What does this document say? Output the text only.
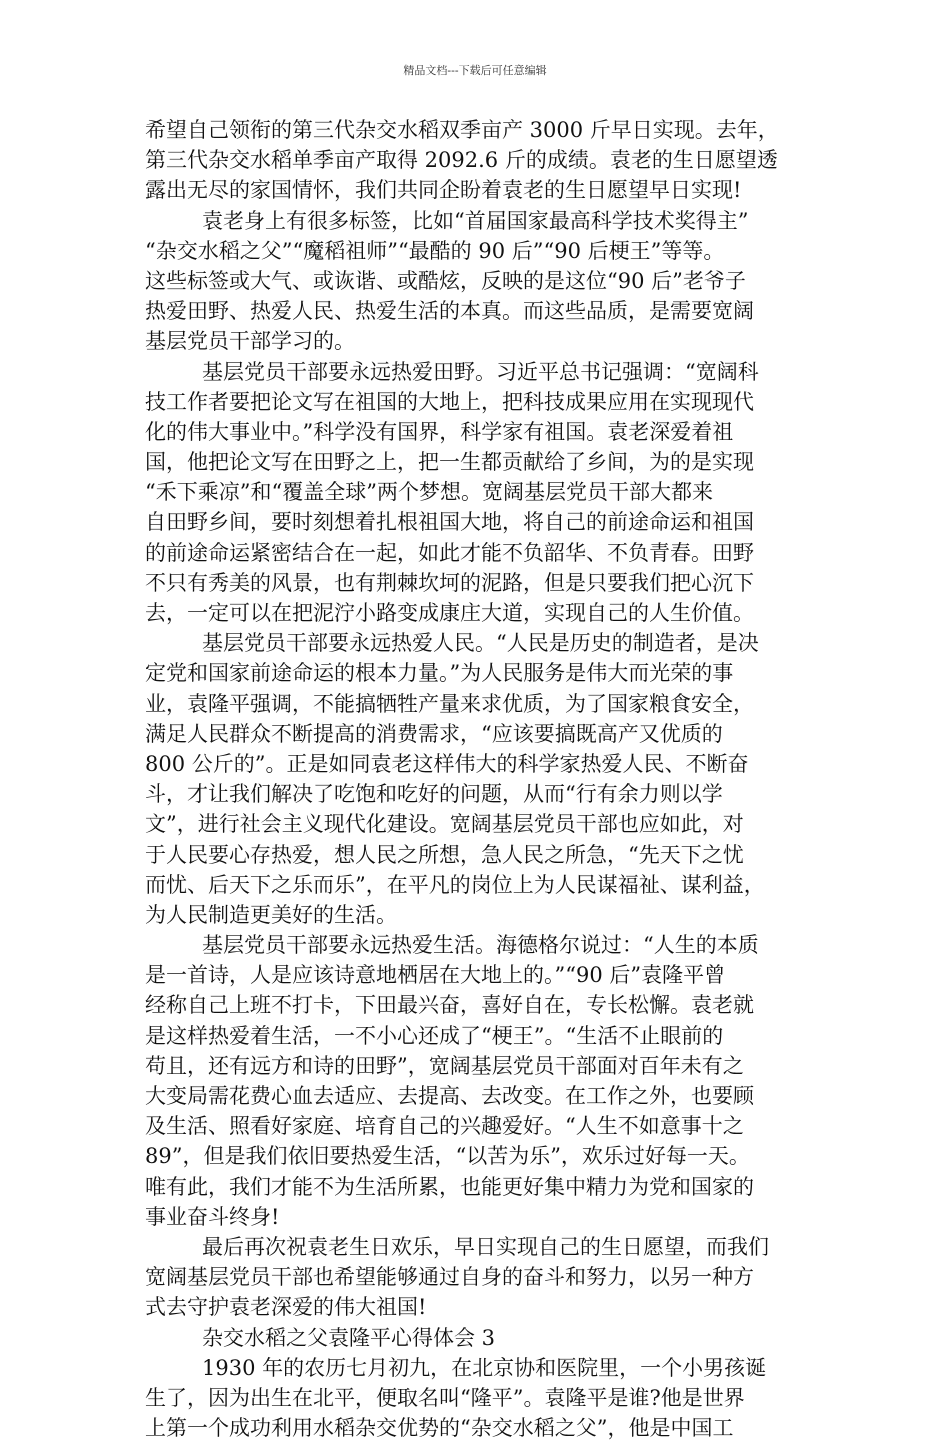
精品文档---下载后可任意编辑
希望自己领衔的第三代杂交水稻双季亩产 3000 斤早日实现。去年，
第三代杂交水稻单季亩产取得 2092.6 斤的成绩。袁老的生日愿望透
露出无尽的家国情怀，我们共同企盼着袁老的生日愿望早日实现!
袁老身上有很多标签，比如“首届国家最高科学技术奖得主”
“杂交水稻之父”“魔稻祖师”“最酷的 90 后”“90 后梗王”等等。
这些标签或大气、或诙谐、或酷炫，反映的是这位“90 后”老爷子
热爱田野、热爱人民、热爱生活的本真。而这些品质，是需要宽阔
基层党员干部学习的。
基层党员干部要永远热爱田野。习近平总书记强调：“宽阔科
技工作者要把论文写在祖国的大地上，把科技成果应用在实现现代
化的伟大事业中。”科学没有国界，科学家有祖国。袁老深爱着祖
国，他把论文写在田野之上，把一生都贡献给了乡间，为的是实现
“禾下乘凉”和“覆盖全球”两个梦想。宽阔基层党员干部大都来
自田野乡间，要时刻想着扎根祖国大地，将自己的前途命运和祖国
的前途命运紧密结合在一起，如此才能不负韶华、不负青春。田野
不只有秀美的风景，也有荆棘坎坷的泥路，但是只要我们把心沉下
去，一定可以在把泥泞小路变成康庄大道，实现自己的人生价值。
基层党员干部要永远热爱人民。“人民是历史的制造者，是决
定党和国家前途命运的根本力量。”为人民服务是伟大而光荣的事
业，袁隆平强调，不能搞牺牲产量来求优质，为了国家粮食安全，
满足人民群众不断提高的消费需求，“应该要搞既高产又优质的
800 公斤的”。正是如同袁老这样伟大的科学家热爱人民、不断奋
斗，才让我们解决了吃饱和吃好的问题，从而“行有余力则以学
文”，进行社会主义现代化建设。宽阔基层党员干部也应如此，对
于人民要心存热爱，想人民之所想，急人民之所急，“先天下之忧
而忧、后天下之乐而乐”，在平凡的岗位上为人民谋福祉、谋利益，
为人民制造更美好的生活。
基层党员干部要永远热爱生活。海德格尔说过：“人生的本质
是一首诗，人是应该诗意地栖居在大地上的。”“90 后”袁隆平曾
经称自己上班不打卡，下田最兴奋，喜好自在，专长松懈。袁老就
是这样热爱着生活，一不小心还成了“梗王”。“生活不止眼前的
苟且，还有远方和诗的田野”，宽阔基层党员干部面对百年未有之
大变局需花费心血去适应、去提高、去改变。在工作之外，也要顾
及生活、照看好家庭、培育自己的兴趣爱好。“人生不如意事十之
89”，但是我们依旧要热爱生活，“以苦为乐”，欢乐过好每一天。
唯有此，我们才能不为生活所累，也能更好集中精力为党和国家的
事业奋斗终身!
最后再次祝袁老生日欢乐，早日实现自己的生日愿望，而我们
宽阔基层党员干部也希望能够通过自身的奋斗和努力，以另一种方
式去守护袁老深爱的伟大祖国!
杂交水稻之父袁隆平心得体会 3
1930 年的农历七月初九，在北京协和医院里，一个小男孩诞
生了，因为出生在北平，便取名叫“隆平”。袁隆平是谁?他是世界
上第一个成功利用水稻杂交优势的“杂交水稻之父”，他是中国工
